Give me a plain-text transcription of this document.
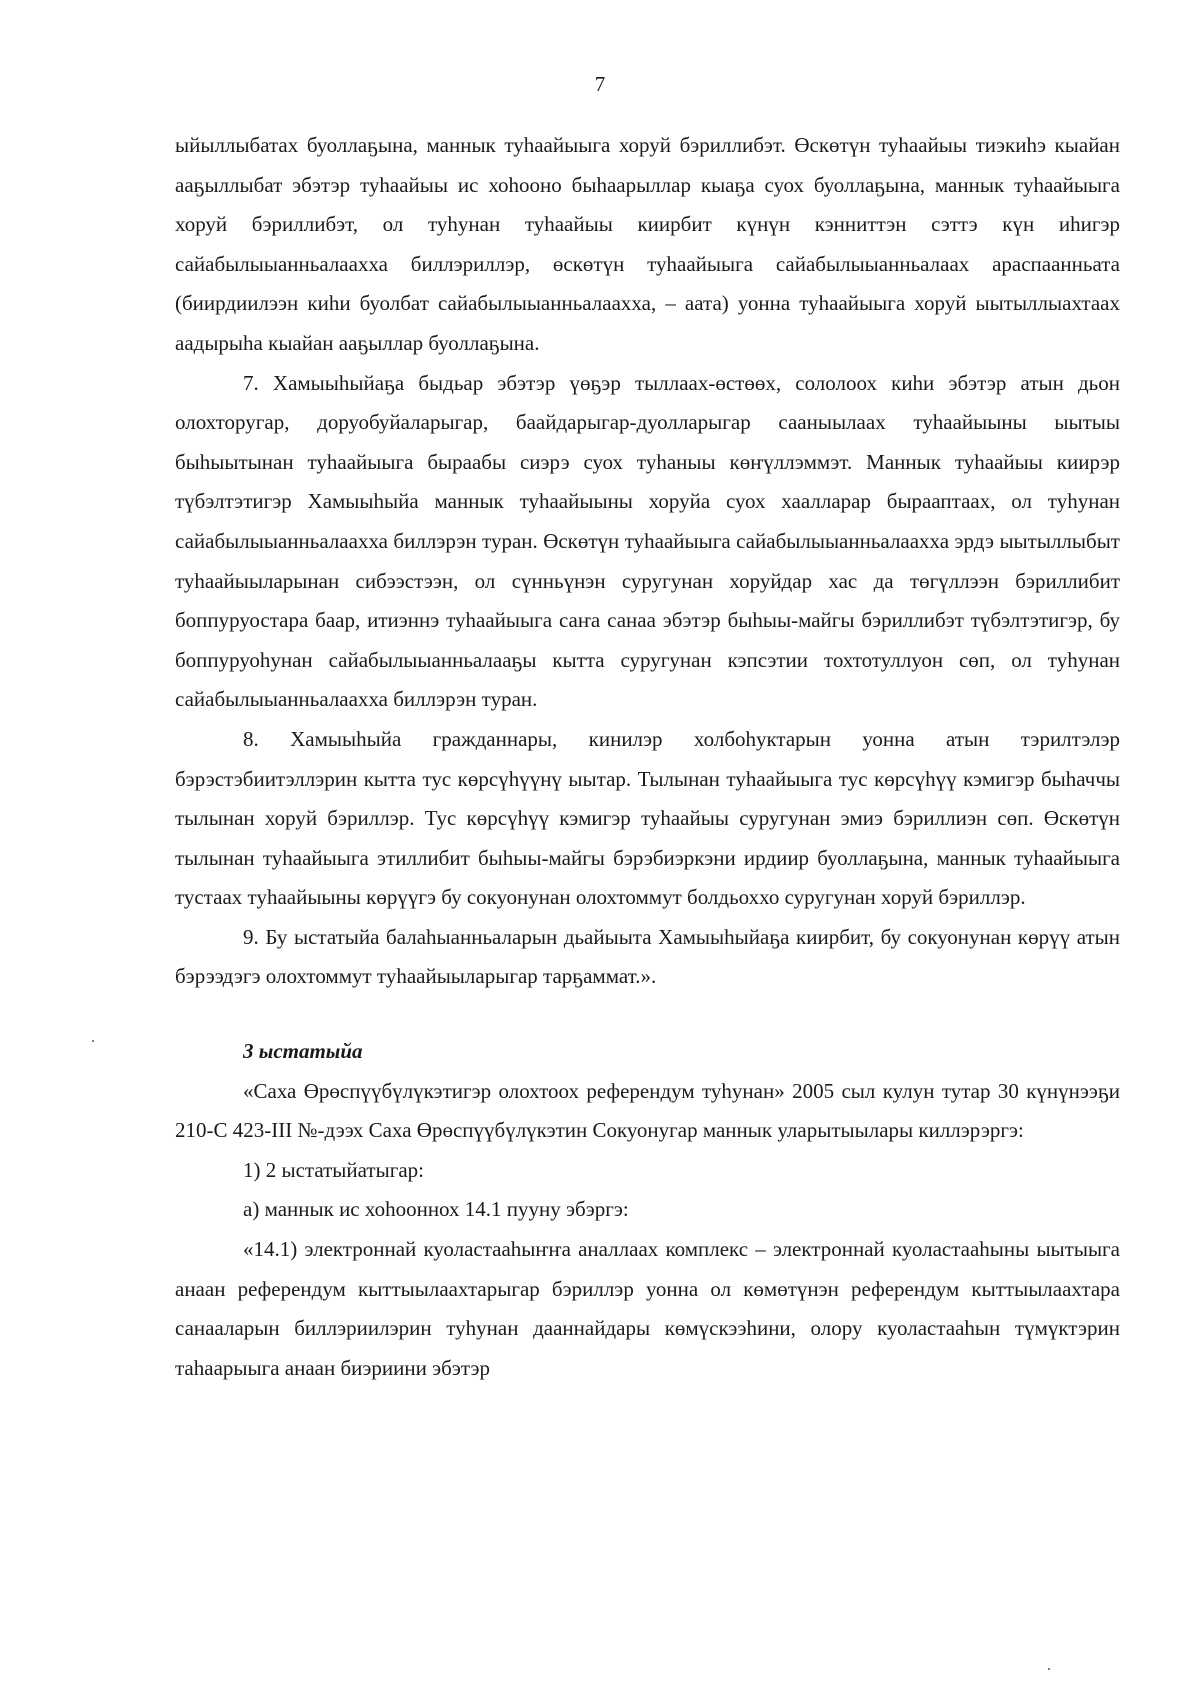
7

ыйыллыбатах буоллаҕына, маннык туһаайыыга хоруй бэриллибэт. Өскөтүн туһаайыы тиэкиһэ кыайан ааҕыллыбат эбэтэр туһаайыы ис хоһооно быһаарыллар кыаҕа суох буоллаҕына, маннык туһаайыыга хоруй бэриллибэт, ол туһунан туһаайыы киирбит күнүн кэнниттэн сэттэ күн иһигэр сайабылыыанньалаахха биллэриллэр, өскөтүн туһаайыыга сайабылыыанньалаах араспаанньата (биирдиилээн киһи буолбат сайабылыыанньалаахха, – аата) уонна туһаайыыга хоруй ыытыллыахтаах аадырыһа кыайан ааҕыллар буоллаҕына.

7. Хамыыһыйаҕа быдьар эбэтэр үөҕэр тыллаах-өстөөх, сололоох киһи эбэтэр атын дьон олохторугар, доруобуйаларыгар, баайдарыгар-дуолларыгар сааныылаах туһаайыыны ыытыы быһыытынан туһаайыыга быраабы сиэрэ суох туһаныы көҥүллэммэт. Маннык туһаайыы киирэр түбэлтэтигэр Хамыыһыйа маннык туһаайыыны хоруйа суох хааллараp бырааптаах, ол туһунан сайабылыыанньалаахха биллэрэн туран. Өскөтүн туһаайыыга сайабылыыанньалаахха эрдэ ыытыллыбыт туһаайыыларынан сибээстээн, ол сүнньүнэн суругунан хоруйдар хас да төгүллээн бэриллибит боппуруостара баар, итиэннэ туһаайыыга саҥа санаа эбэтэр быһыы-майгы бэриллибэт түбэлтэтигэр, бу боппуруоһунан сайабылыыанньалааҕы кытта суругунан кэпсэтии тохтотуллуон сөп, ол туһунан сайабылыыанньалаахха биллэрэн туран.

8. Хамыыһыйа гражданнары, кинилэр холбоһуктарын уонна атын тэрилтэлэр бэрэстэбиитэллэрин кытта тус көрсүһүүнү ыытар. Тылынан туһаайыыга тус көрсүһүү кэмигэр быһаччы тылынан хоруй бэриллэр. Тус көрсүһүү кэмигэр туһаайыы суругунан эмиэ бэриллиэн сөп. Өскөтүн тылынан туһаайыыга этиллибит быһыы-майгы бэрэбиэркэни ирдиир буоллаҕына, маннык туһаайыыга тустаах туһаайыыны көрүүгэ бу сокуонунан олохтоммут болдьоххо суругунан хоруй бэриллэр.

9. Бу ыстатыйа балаһыанньаларын дьайыыта Хамыыһыйаҕа киирбит, бу сокуонунан көрүү атын бэрээдэгэ олохтоммут туһаайыыларыгар тарҕаммат.».

3 ыстатыйа

«Саха Өрөспүүбүлүкэтигэр олохтоох референдум туһунан» 2005 сыл кулун тутар 30 күнүнээҕи 210-С 423-III №-дээх Саха Өрөспүүбүлүкэтин Сокуонугар маннык уларытыылары киллэрэргэ:

1) 2 ыстатыйатыгар:

а) маннык ис хоһооннох 14.1 пууну эбэргэ:

«14.1) электроннай куоластааһыҥҥа аналлаах комплекс – электроннай куоластааһыны ыытыыга анаан референдум кыттыылаахтарыгар бэриллэр уонна ол көмөтүнэн референдум кыттыылаахтара санааларын биллэриилэрин туһунан дааннайдары көмүскээһини, олору куоластааһын түмүктэрин таһаарыыга анаан биэриини эбэтэр
